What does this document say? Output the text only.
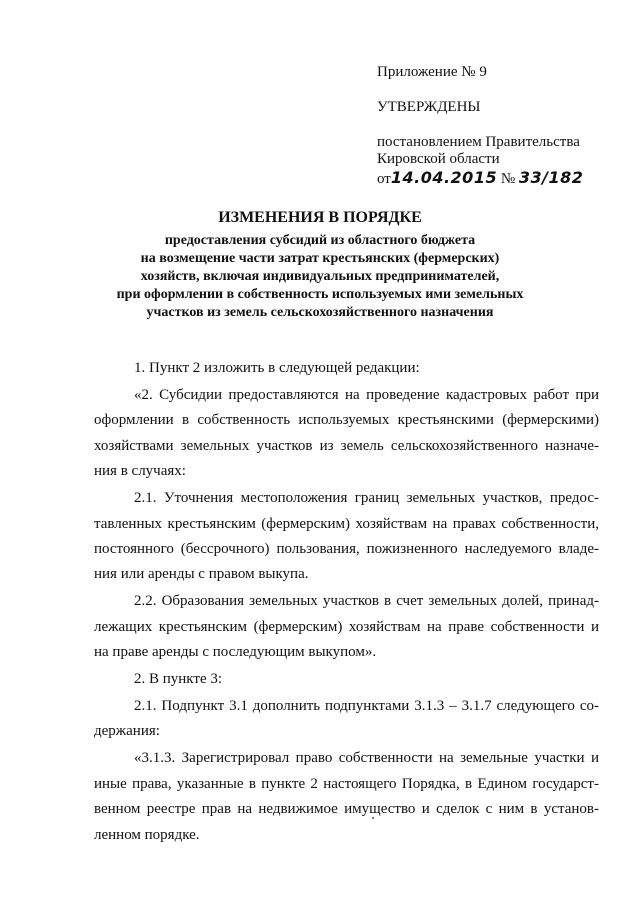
Приложение № 9
УТВЕРЖДЕНЫ
постановлением Правительства
Кировской области
от14.04.2015 № 33/182
ИЗМЕНЕНИЯ В ПОРЯДКЕ
предоставления субсидий из областного бюджета
на возмещение части затрат крестьянских (фермерских)
хозяйств, включая индивидуальных предпринимателей,
при оформлении в собственность используемых ими земельных
участков из земель сельскохозяйственного назначения
1. Пункт 2 изложить в следующей редакции:
«2. Субсидии предоставляются на проведение кадастровых работ при
оформлении в собственность используемых крестьянскими (фермерскими)
хозяйствами земельных участков из земель сельскохозяйственного назначе-
ния в случаях:
2.1. Уточнения местоположения границ земельных участков, предос-
тавленных крестьянским (фермерским) хозяйствам на правах собственности,
постоянного (бессрочного) пользования, пожизненного наследуемого владе-
ния или аренды с правом выкупа.
2.2. Образования земельных участков в счет земельных долей, принад-
лежащих крестьянским (фермерским) хозяйствам на праве собственности и
на праве аренды с последующим выкупом».
2. В пункте 3:
2.1. Подпункт 3.1 дополнить подпунктами 3.1.3 – 3.1.7 следующего со-
держания:
«3.1.3. Зарегистрировал право собственности на земельные участки и
иные права, указанные в пункте 2 настоящего Порядка, в Едином государст-
венном реестре прав на недвижимое имущество и сделок с ним в установ-
ленном порядке.
